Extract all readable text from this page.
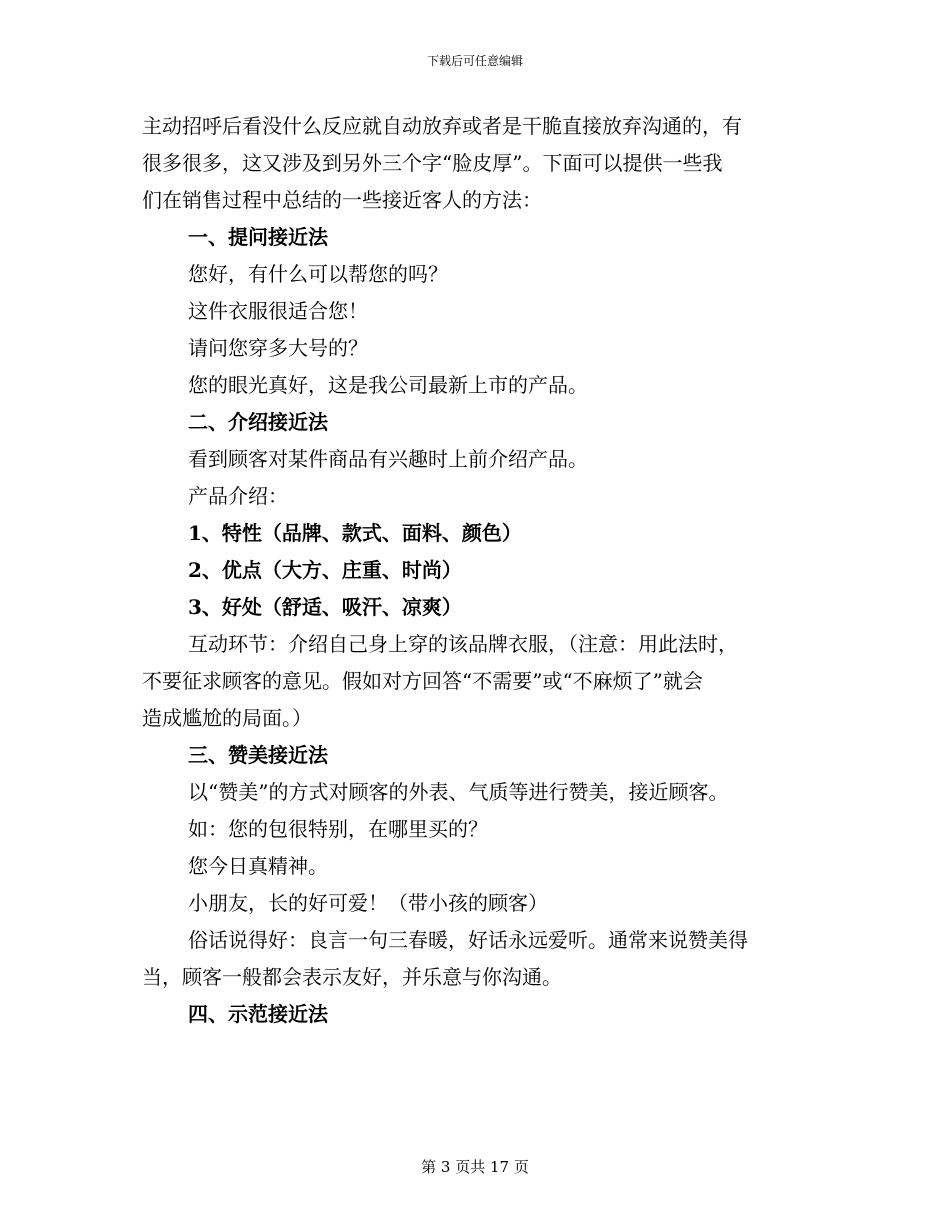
下载后可任意编辑
主动招呼后看没什么反应就自动放弃或者是干脆直接放弃沟通的，有
很多很多，这又涉及到另外三个字“脸皮厚”。下面可以提供一些我
们在销售过程中总结的一些接近客人的方法：
一、提问接近法
您好，有什么可以帮您的吗？
这件衣服很适合您！
请问您穿多大号的？
您的眼光真好，这是我公司最新上市的产品。
二、介绍接近法
看到顾客对某件商品有兴趣时上前介绍产品。
产品介绍：
1、特性（品牌、款式、面料、颜色）
2、优点（大方、庄重、时尚）
3、好处（舒适、吸汗、凉爽）
互动环节：介绍自己身上穿的该品牌衣服，（注意：用此法时，
不要征求顾客的意见。假如对方回答“不需要”或“不麻烦了”就会
造成尴尬的局面。）
三、赞美接近法
以“赞美”的方式对顾客的外表、气质等进行赞美，接近顾客。
如：您的包很特别，在哪里买的？
您今日真精神。
小朋友，长的好可爱！（带小孩的顾客）
俗话说得好：良言一句三春暖，好话永远爱听。通常来说赞美得
当，顾客一般都会表示友好，并乐意与你沟通。
四、示范接近法
第 3 页共 17 页
